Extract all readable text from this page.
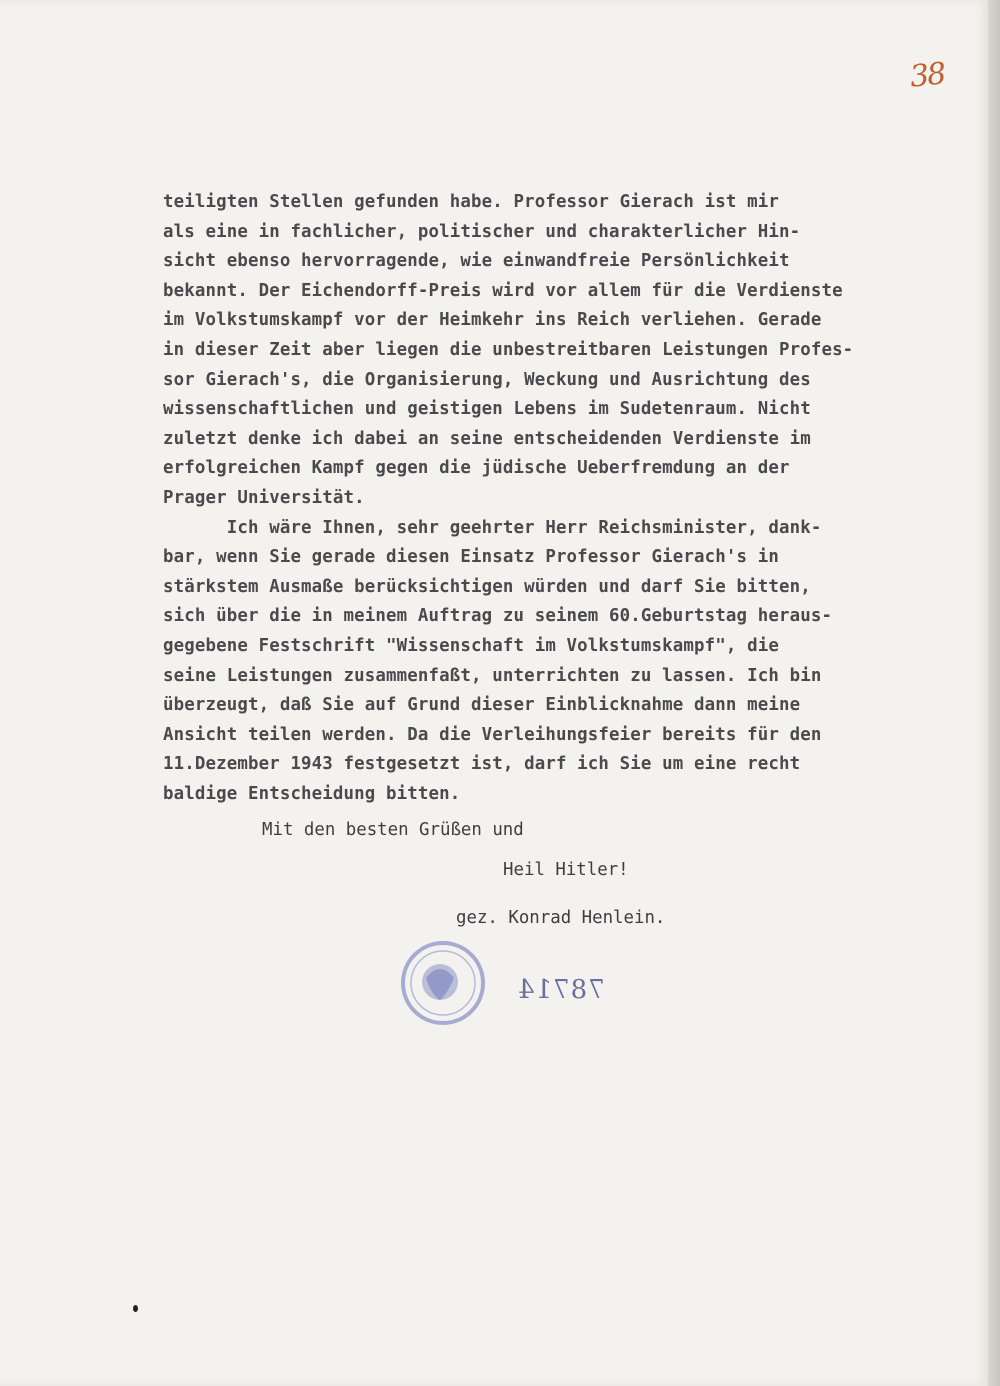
38
teiligten Stellen gefunden habe. Professor Gierach ist mir
als eine in fachlicher, politischer und charakterlicher Hin-
sicht ebenso hervorragende, wie einwandfreie Persönlichkeit
bekannt. Der Eichendorff-Preis wird vor allem für die Verdienste
im Volkstumskampf vor der Heimkehr ins Reich verliehen. Gerade
in dieser Zeit aber liegen die unbestreitbaren Leistungen Profes-
sor Gierach's, die Organisierung, Weckung und Ausrichtung des
wissenschaftlichen und geistigen Lebens im Sudetenraum. Nicht
zuletzt denke ich dabei an seine entscheidenden Verdienste im
erfolgreichen Kampf gegen die jüdische Ueberfremdung an der
Prager Universität.
Ich wäre Ihnen, sehr geehrter Herr Reichsminister, dank-
bar, wenn Sie gerade diesen Einsatz Professor Gierach's in
stärkstem Ausmaße berücksichtigen würden und darf Sie bitten,
sich über die in meinem Auftrag zu seinem 60.Geburtstag heraus-
gegebene Festschrift "Wissenschaft im Volkstumskampf", die
seine Leistungen zusammenfaßt, unterrichten zu lassen. Ich bin
überzeugt, daß Sie auf Grund dieser Einblicknahme dann meine
Ansicht teilen werden. Da die Verleihungsfeier bereits für den
11.Dezember 1943 festgesetzt ist, darf ich Sie um eine recht
baldige Entscheidung bitten.
Mit den besten Grüßen und
Heil Hitler!
gez. Konrad Henlein.
78714
